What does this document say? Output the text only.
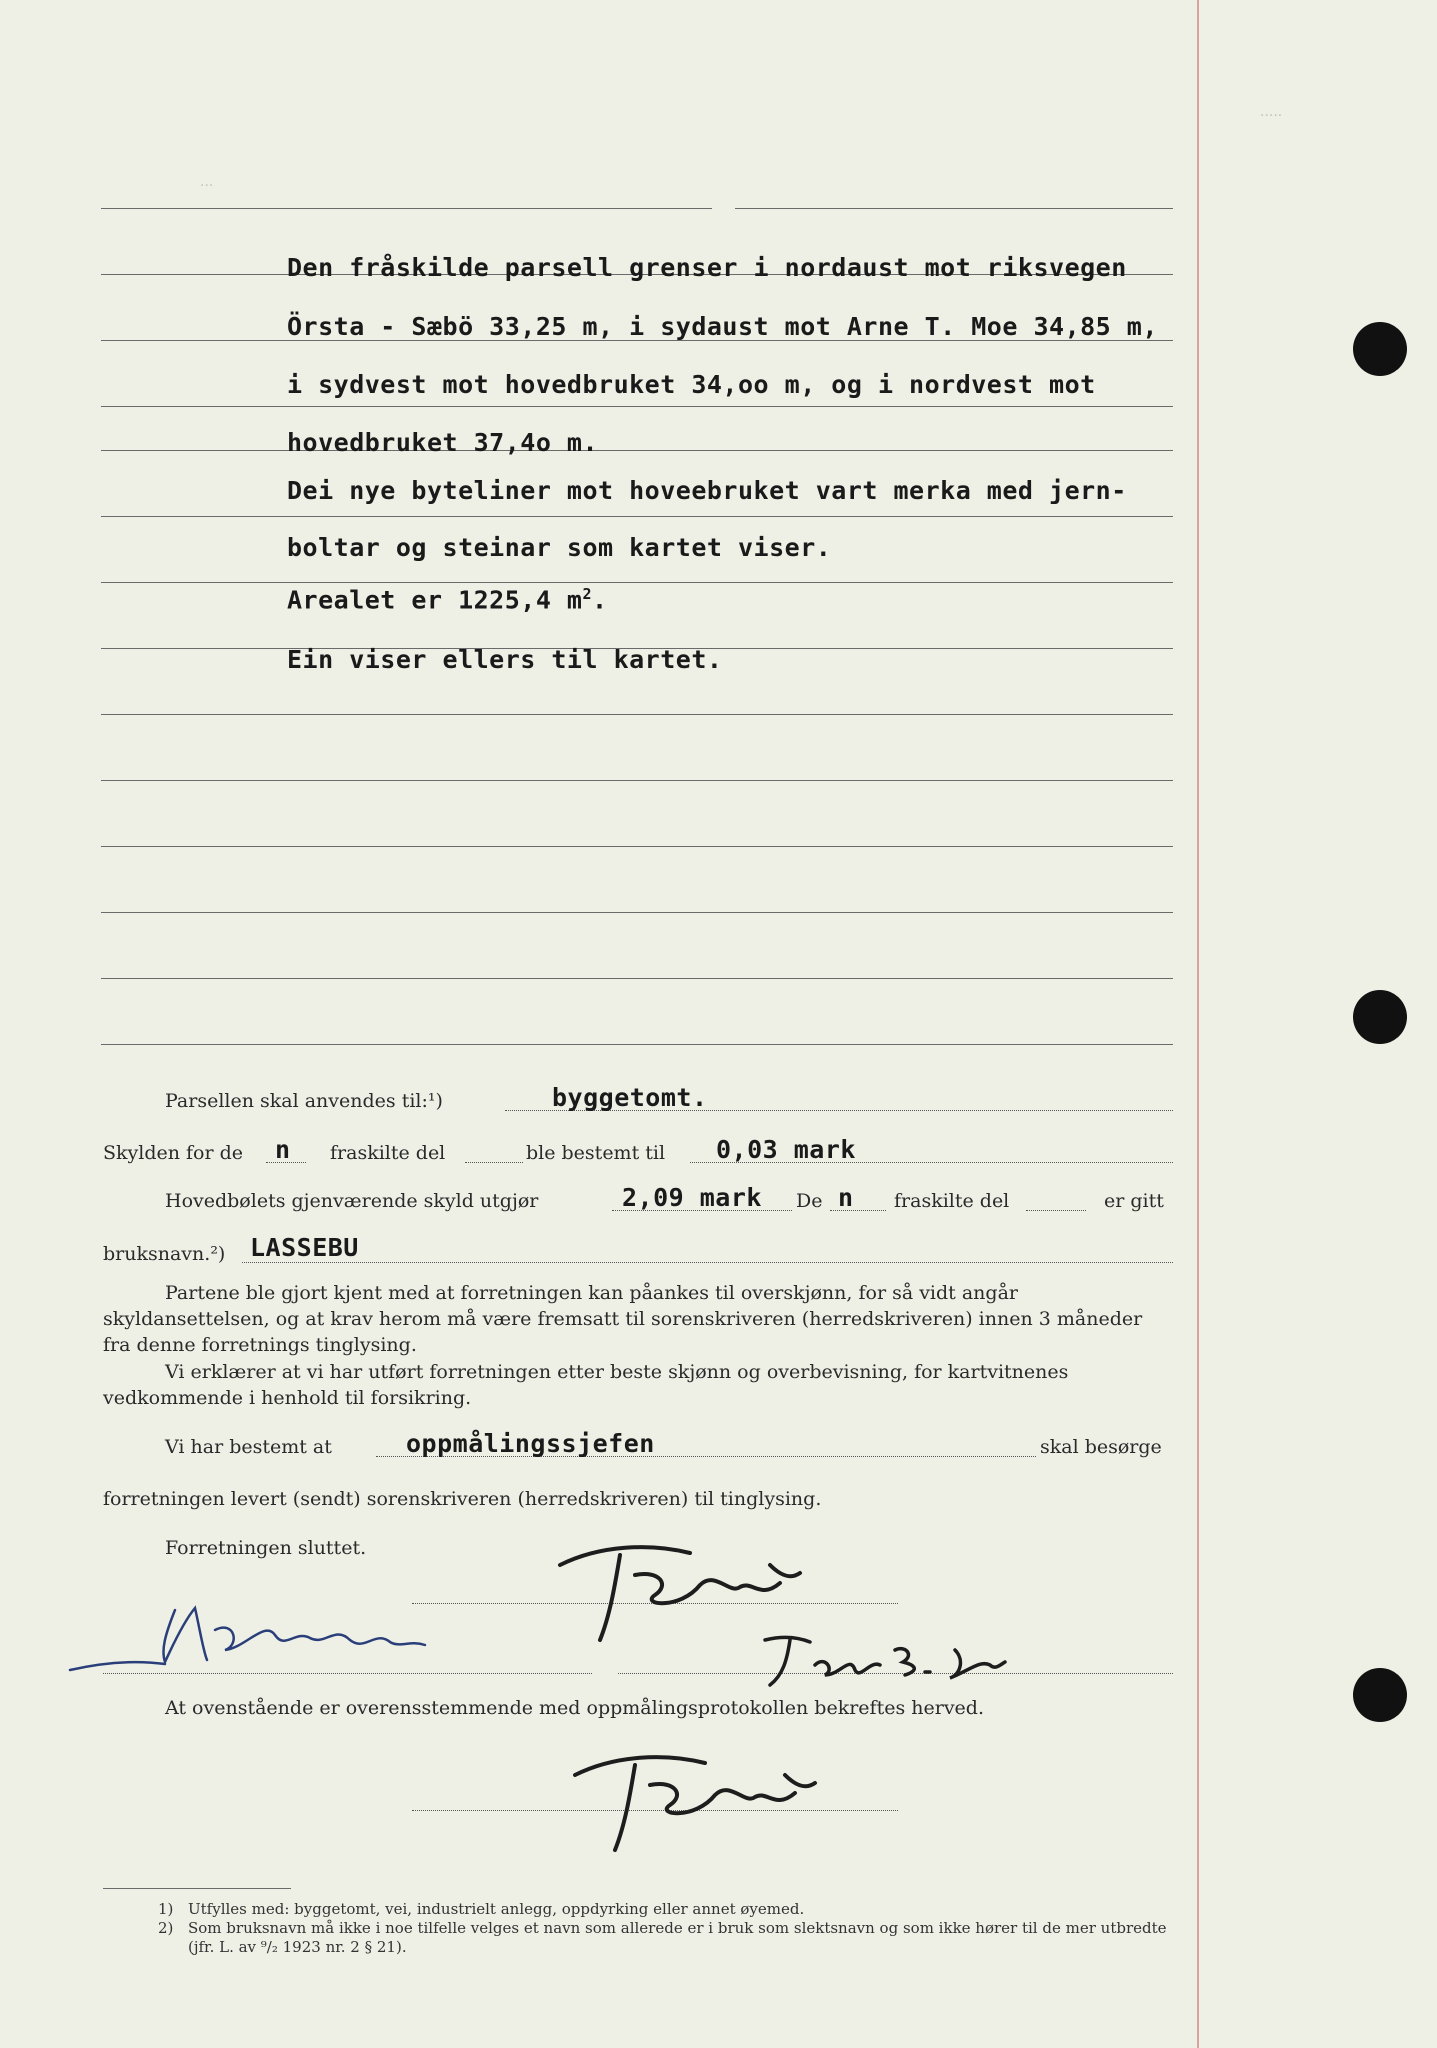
·····
···
Den fråskilde parsell grenser i nordaust mot riksvegen
Örsta - Sæbö 33,25 m, i sydaust mot Arne T. Moe 34,85 m,
i sydvest mot hovedbruket 34,oo m, og i nordvest mot
hovedbruket 37,4o m.
Dei nye byteliner mot hoveebruket vart merka med jern-
boltar og steinar som kartet viser.
Arealet er 1225,4 $m^2$.
Ein viser ellers til kartet.
Parsellen skal anvendes til:¹)	byggetomt.
Skylden for de n fraskilte del	ble bestemt til 0,03 mark
Hovedbølets gjenværende skyld utgjør	2,09 mark De n fraskilte del	er gitt
bruksnavn.²) LASSEBU
Partene ble gjort kjent med at forretningen kan påankes til overskjønn, for så vidt angår skyldansettelsen, og at krav herom må være fremsatt til sorenskriveren (herredskriveren) innen 3 måneder fra denne forretnings tinglysing.
Vi erklærer at vi har utført forretningen etter beste skjønn og overbevisning, for kartvitnenes vedkommende i henhold til forsikring.
Vi har bestemt at	oppmålingssjefen	skal besørge
forretningen levert (sendt) sorenskriveren (herredskriveren) til tinglysing.
Forretningen sluttet.
At ovenstående er overensstemmende med oppmålingsprotokollen bekreftes herved.
1) Utfylles med: byggetomt, vei, industrielt anlegg, oppdyrking eller annet øyemed.
2) Som bruksnavn må ikke i noe tilfelle velges et navn som allerede er i bruk som slektsnavn og som ikke hører til de mer utbredte (jfr. L. av ⁹/₂ 1923 nr. 2 § 21).
